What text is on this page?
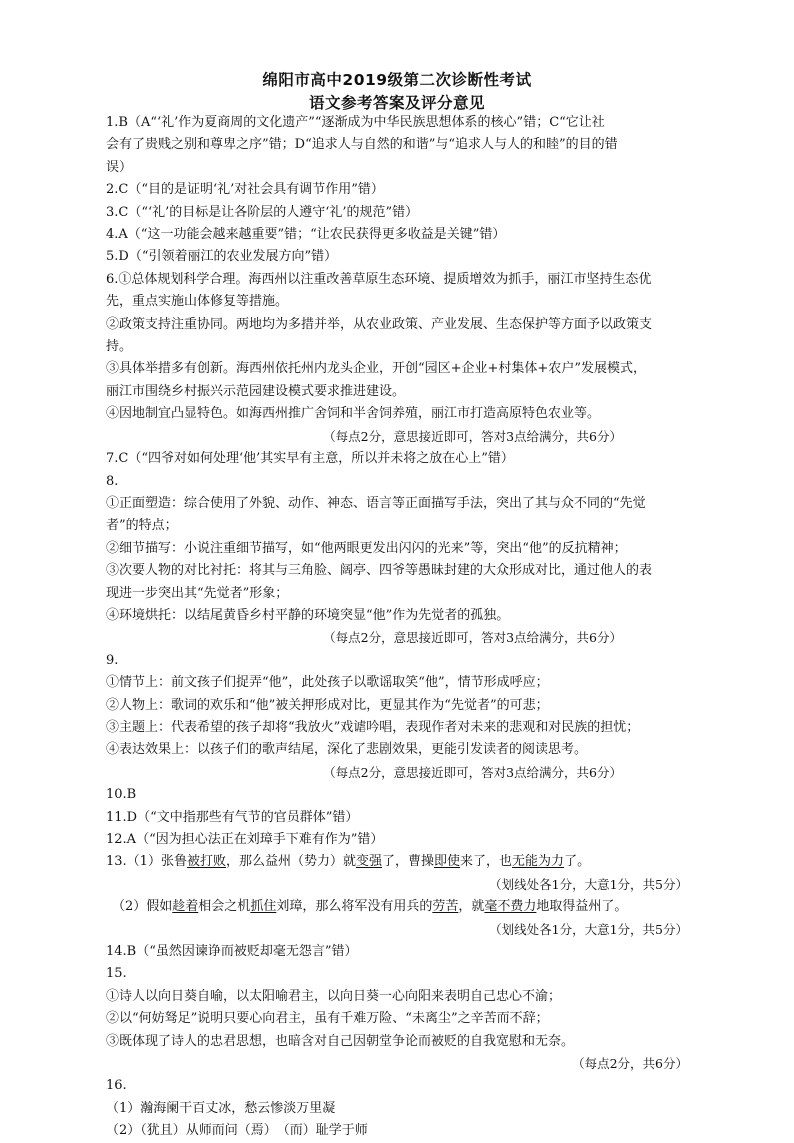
绵阳市高中2019级第二次诊断性考试
语文参考答案及评分意见

1.B（A“‘礼’作为夏商周的文化遗产”“逐渐成为中华民族思想体系的核心”错；C“它让社

会有了贵贱之别和尊卑之序”错；D“追求人与自然的和谐”与“追求人与人的和睦”的目的错

误）

2.C（“目的是证明‘礼’对社会具有调节作用”错）

3.C（“‘礼’的目标是让各阶层的人遵守‘礼’的规范”错）

4.A（“这一功能会越来越重要”错；“让农民获得更多收益是关键”错）

5.D（“引领着丽江的农业发展方向”错）

6.①总体规划科学合理。海西州以注重改善草原生态环境、提质增效为抓手，丽江市坚持生态优

先，重点实施山体修复等措施。

②政策支持注重协同。两地均为多措并举，从农业政策、产业发展、生态保护等方面予以政策支

持。

③具体举措多有创新。海西州依托州内龙头企业，开创“园区+企业+村集体+农户”发展模式，

丽江市围绕乡村振兴示范园建设模式要求推进建设。

④因地制宜凸显特色。如海西州推广舍饲和半舍饲养殖，丽江市打造高原特色农业等。

（每点2分，意思接近即可，答对3点给满分，共6分）

7.C（“四爷对如何处理‘他’其实早有主意，所以并未将之放在心上”错）

8.

①正面塑造：综合使用了外貌、动作、神态、语言等正面描写手法，突出了其与众不同的“先觉

者”的特点；

②细节描写：小说注重细节描写，如“他两眼更发出闪闪的光来”等，突出“他”的反抗精神；

③次要人物的对比衬托：将其与三角脸、阔亭、四爷等愚昧封建的大众形成对比，通过他人的表

现进一步突出其“先觉者”形象；

④环境烘托：以结尾黄昏乡村平静的环境突显“他”作为先觉者的孤独。

（每点2分，意思接近即可，答对3点给满分，共6分）

9.

①情节上：前文孩子们捉弄“他”，此处孩子以歌谣取笑“他”，情节形成呼应；

②人物上：歌词的欢乐和“他”被关押形成对比，更显其作为“先觉者”的可悲；

③主题上：代表希望的孩子却将“我放火”戏谑吟唱，表现作者对未来的悲观和对民族的担忧；

④表达效果上：以孩子们的歌声结尾，深化了悲剧效果，更能引发读者的阅读思考。

（每点2分，意思接近即可，答对3点给满分，共6分）

10.B

11.D（“文中指那些有气节的官员群体”错）

12.A（“因为担心法正在刘璋手下难有作为”错）

13.（1）张鲁被打败，那么益州（势力）就变强了，曹操即使来了，也无能为力了。

（划线处各1分，大意1分，共5分）

（2）假如趁着相会之机抓住刘璋，那么将军没有用兵的劳苦，就毫不费力地取得益州了。

（划线处各1分，大意1分，共5分）

14.B（“虽然因谏诤而被贬却毫无怨言”错）

15.

①诗人以向日葵自喻，以太阳喻君主，以向日葵一心向阳来表明自己忠心不渝；

②以“何妨驽足”说明只要心向君主，虽有千难万险、“未离尘”之辛苦而不辞；

③既体现了诗人的忠君思想，也暗含对自己因朝堂争论而被贬的自我宽慰和无奈。

（每点2分，共6分）

16.

（1）瀚海阑干百丈冰，愁云惨淡万里凝

（2）（犹且）从师而问（焉）　（而）耻学于师
